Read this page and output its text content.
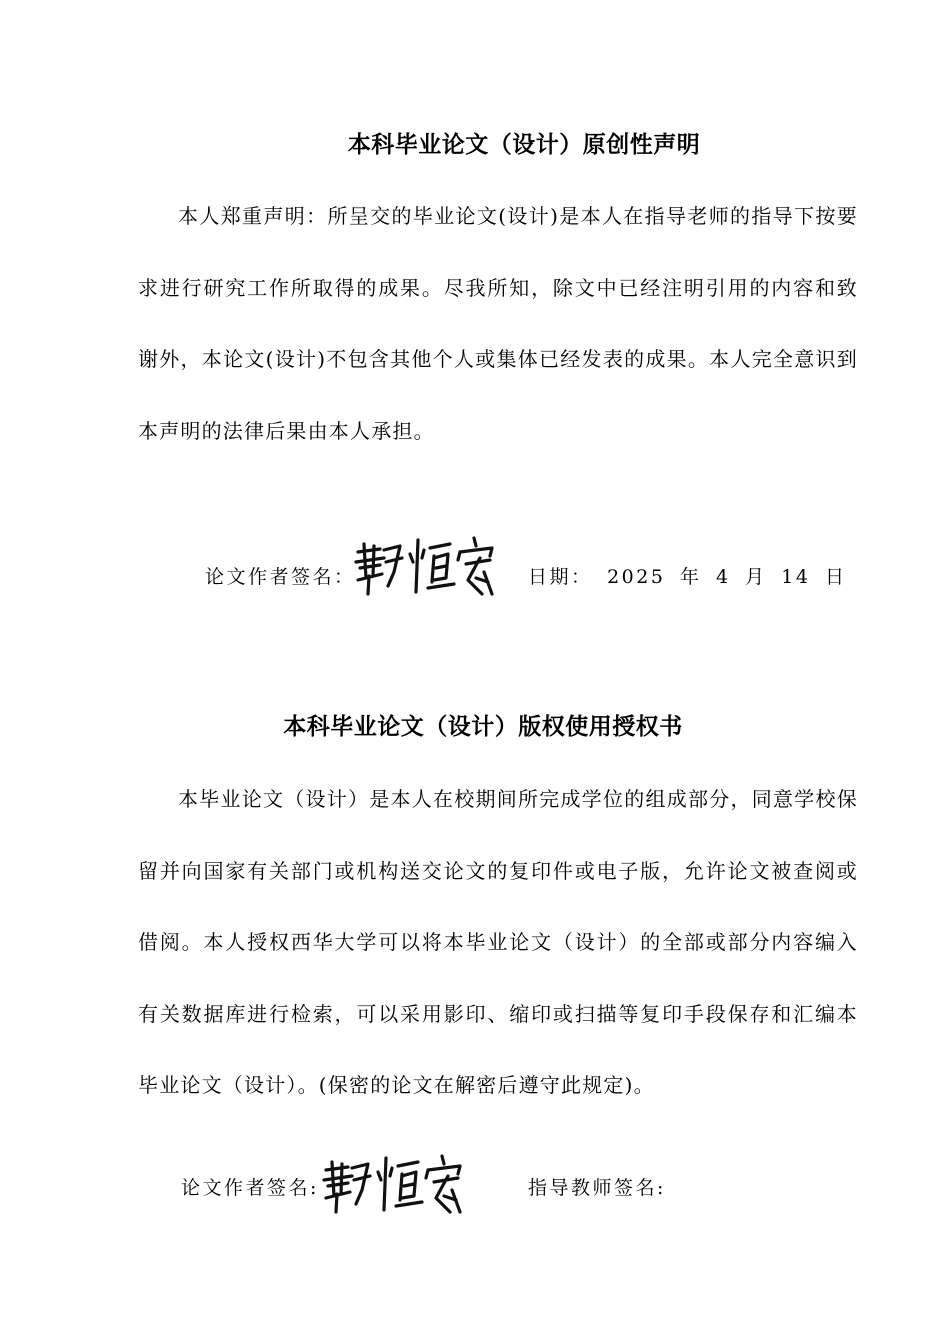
本科毕业论文（设计）原创性声明

本人郑重声明：所呈交的毕业论文(设计)是本人在指导老师的指导下按要求进行研究工作所取得的成果。尽我所知，除文中已经注明引用的内容和致谢外，本论文(设计)不包含其他个人或集体已经发表的成果。本人完全意识到本声明的法律后果由本人承担。

论文作者签名：	日期： 2025 年 4 月 14 日
本科毕业论文（设计）版权使用授权书

本毕业论文（设计）是本人在校期间所完成学位的组成部分，同意学校保留并向国家有关部门或机构送交论文的复印件或电子版，允许论文被查阅或借阅。本人授权西华大学可以将本毕业论文（设计）的全部或部分内容编入有关数据库进行检索，可以采用影印、缩印或扫描等复印手段保存和汇编本毕业论文（设计）。(保密的论文在解密后遵守此规定)。

论文作者签名:	指导教师签名:
